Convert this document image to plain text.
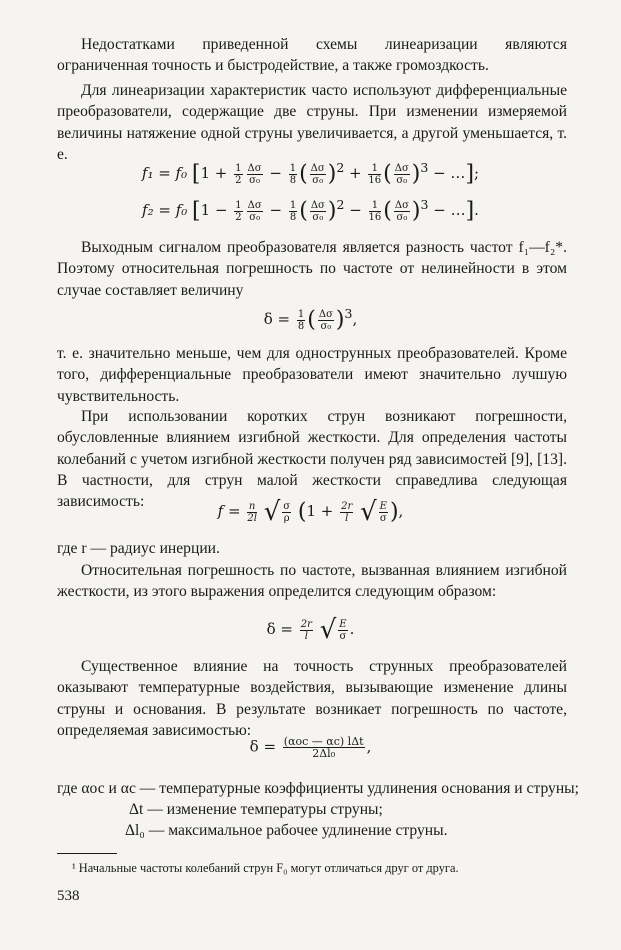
Недостатками приведенной схемы линеаризации являются ограниченная точность и быстродействие, а также громоздкость.

Для линеаризации характеристик часто используют дифференциальные преобразователи, содержащие две струны. При изменении измеряемой величины натяжение одной струны увеличивается, а другой уменьшается, т. е.

f₁ = f₀ [$1 + \frac{1}{2} \frac{\Delta\sigma}{\text{σ₀}} - \frac{1}{8}$ ( $\frac{\Delta\sigma}{\text{σ₀}} )^2 + \frac{1}{16}$ ( $\frac{\Delta\sigma}{\text{σ₀}} )^3$ − …];
f₂ = f₀ [$1 - \frac{1}{2} \frac{\Delta\sigma}{\text{σ₀}} - \frac{1}{8}$ ( $\frac{\Delta\sigma}{\text{σ₀}} )^2 - \frac{1}{16}$ ( $\frac{\Delta\sigma}{\text{σ₀}} )^3$ − …].

Выходным сигналом преобразователя является разность частот f₁—f₂*. Поэтому относительная погрешность по частоте от нелинейности в этом случае составляет величину

$\delta = \frac{1}{8}$ ( $\frac{\Delta\sigma}{\text{σ₀}} )^3$,

т. е. значительно меньше, чем для однострунных преобразователей. Кроме того, дифференциальные преобразователи имеют значительно лучшую чувствительность.

При использовании коротких струн возникают погрешности, обусловленные влиянием изгибной жесткости. Для определения частоты колебаний с учетом изгибной жесткости получен ряд зависимостей [9], [13]. В частности, для струн малой жесткости справедлива следующая зависимость:

$f = \frac{n}{2l}$ √ $\frac{\sigma}{\rho} (1 + \frac{2r}{l}$ √ $\frac{E}{\sigma}$ ),

где r — радиус инерции.

Относительная погрешность по частоте, вызванная влиянием изгибной жесткости, из этого выражения определится следующим образом:

$\delta = \frac{2r}{l}$ √ $\frac{E}{\sigma}$ .

Существенное влияние на точность струнных преобразователей оказывают температурные воздействия, вызывающие изменение длины струны и основания. В результате возникает погрешность по частоте, определяемая зависимостью:

$\delta = \frac{\text{(αос — αс) lΔt}}{\text{2Δl₀}}$ ,
где αос и αс — температурные коэффициенты удлинения основания и струны;
Δt — изменение температуры струны;
Δl₀ — максимальное рабочее удлинение струны.
¹ Начальные частоты колебаний струн F₀ могут отличаться друг от друга.
538
